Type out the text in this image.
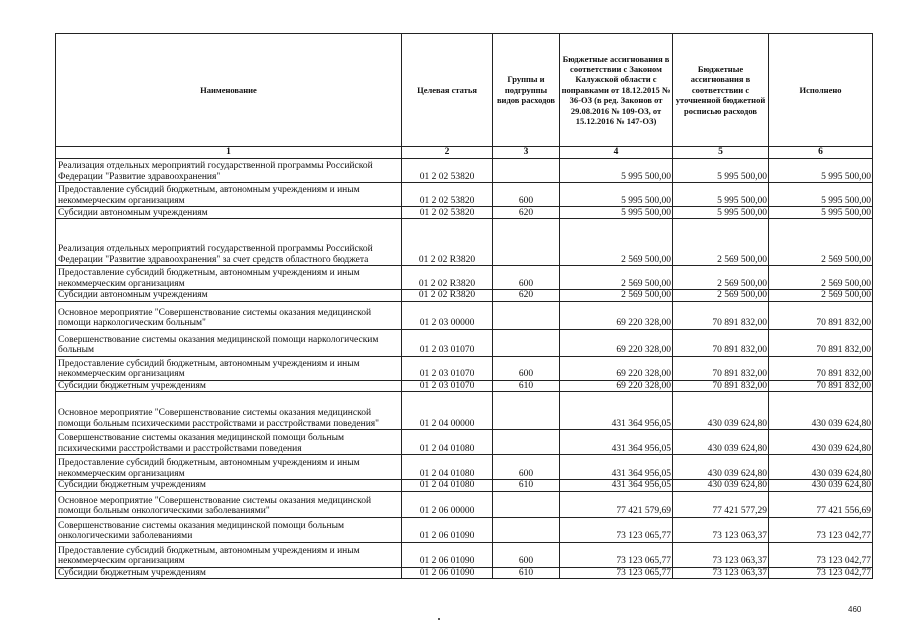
Наименование	Целевая статья	Группы и подгруппы видов расходов	Бюджетные ассигнования в соответствии с Законом Калужской области с поправками от 18.12.2015 № 36-ОЗ (в ред. Законов от 29.08.2016 № 109-ОЗ, от 15.12.2016 № 147-ОЗ)	Бюджетные ассигнования в соответствии с уточненной бюджетной росписью расходов	Исполнено
1	2	3	4	5	6
Реализация отдельных мероприятий государственной программы Российской Федерации "Развитие здравоохранения"	01 2 02 53820		5 995 500,00	5 995 500,00	5 995 500,00
Предоставление субсидий бюджетным, автономным учреждениям и иным некоммерческим организациям	01 2 02 53820	600	5 995 500,00	5 995 500,00	5 995 500,00
Субсидии автономным учреждениям	01 2 02 53820	620	5 995 500,00	5 995 500,00	5 995 500,00
Реализация отдельных мероприятий государственной программы Российской Федерации "Развитие здравоохранения" за счет средств областного бюджета	01 2 02 R3820		2 569 500,00	2 569 500,00	2 569 500,00
Предоставление субсидий бюджетным, автономным учреждениям и иным некоммерческим организациям	01 2 02 R3820	600	2 569 500,00	2 569 500,00	2 569 500,00
Субсидии автономным учреждениям	01 2 02 R3820	620	2 569 500,00	2 569 500,00	2 569 500,00
Основное мероприятие "Совершенствование системы оказания медицинской помощи наркологическим больным"	01 2 03 00000		69 220 328,00	70 891 832,00	70 891 832,00
Совершенствование системы оказания медицинской помощи наркологическим больным	01 2 03 01070		69 220 328,00	70 891 832,00	70 891 832,00
Предоставление субсидий бюджетным, автономным учреждениям и иным некоммерческим организациям	01 2 03 01070	600	69 220 328,00	70 891 832,00	70 891 832,00
Субсидии бюджетным учреждениям	01 2 03 01070	610	69 220 328,00	70 891 832,00	70 891 832,00
Основное мероприятие "Совершенствование системы оказания медицинской помощи больным психическими расстройствами и расстройствами поведения"	01 2 04 00000		431 364 956,05	430 039 624,80	430 039 624,80
Совершенствование системы оказания медицинской помощи больным психическими расстройствами и расстройствами поведения	01 2 04 01080		431 364 956,05	430 039 624,80	430 039 624,80
Предоставление субсидий бюджетным, автономным учреждениям и иным некоммерческим организациям	01 2 04 01080	600	431 364 956,05	430 039 624,80	430 039 624,80
Субсидии бюджетным учреждениям	01 2 04 01080	610	431 364 956,05	430 039 624,80	430 039 624,80
Основное мероприятие "Совершенствование системы оказания медицинской помощи больным онкологическими заболеваниями"	01 2 06 00000		77 421 579,69	77 421 577,29	77 421 556,69
Совершенствование системы оказания медицинской помощи больным онкологическими заболеваниями	01 2 06 01090		73 123 065,77	73 123 063,37	73 123 042,77
Предоставление субсидий бюджетным, автономным учреждениям и иным некоммерческим организациям	01 2 06 01090	600	73 123 065,77	73 123 063,37	73 123 042,77
Субсидии бюджетным учреждениям	01 2 06 01090	610	73 123 065,77	73 123 063,37	73 123 042,77
460
